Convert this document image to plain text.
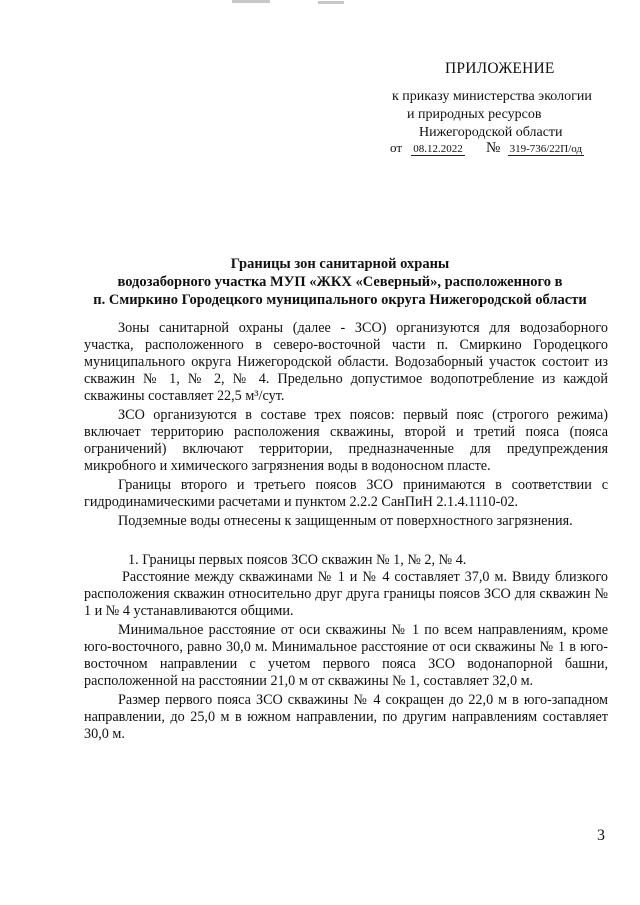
ПРИЛОЖЕНИЕ
к приказу министерства экологии
и природных ресурсов
Нижегородской области
от 08.12.2022 № 319-736/22П/од
Границы зон санитарной охраны
водозаборного участка МУП «ЖКХ «Северный», расположенного в
п. Смиркино Городецкого муниципального округа Нижегородской области

Зоны санитарной охраны (далее - ЗСО) организуются для водозаборного участка, расположенного в северо-восточной части п. Смиркино Городецкого муниципального округа Нижегородской области. Водозаборный участок состоит из скважин № 1, № 2, № 4. Предельно допустимое водопотребление из каждой скважины составляет 22,5 м³/сут.

ЗСО организуются в составе трех поясов: первый пояс (строгого режима) включает территорию расположения скважины, второй и третий пояса (пояса ограничений) включают территории, предназначенные для предупреждения микробного и химического загрязнения воды в водоносном пласте.

Границы второго и третьего поясов ЗСО принимаются в соответствии с гидродинамическими расчетами и пунктом 2.2.2 СанПиН 2.1.4.1110-02.

Подземные воды отнесены к защищенным от поверхностного загрязнения.

1. Границы первых поясов ЗСО скважин № 1, № 2, № 4.

Расстояние между скважинами № 1 и № 4 составляет 37,0 м. Ввиду близкого расположения скважин относительно друг друга границы поясов ЗСО для скважин № 1 и № 4 устанавливаются общими.

Минимальное расстояние от оси скважины № 1 по всем направлениям, кроме юго-восточного, равно 30,0 м. Минимальное расстояние от оси скважины № 1 в юго-восточном направлении с учетом первого пояса ЗСО водонапорной башни, расположенной на расстоянии 21,0 м от скважины № 1, составляет 32,0 м.

Размер первого пояса ЗСО скважины № 4 сокращен до 22,0 м в юго-западном направлении, до 25,0 м в южном направлении, по другим направлениям составляет 30,0 м.

3
